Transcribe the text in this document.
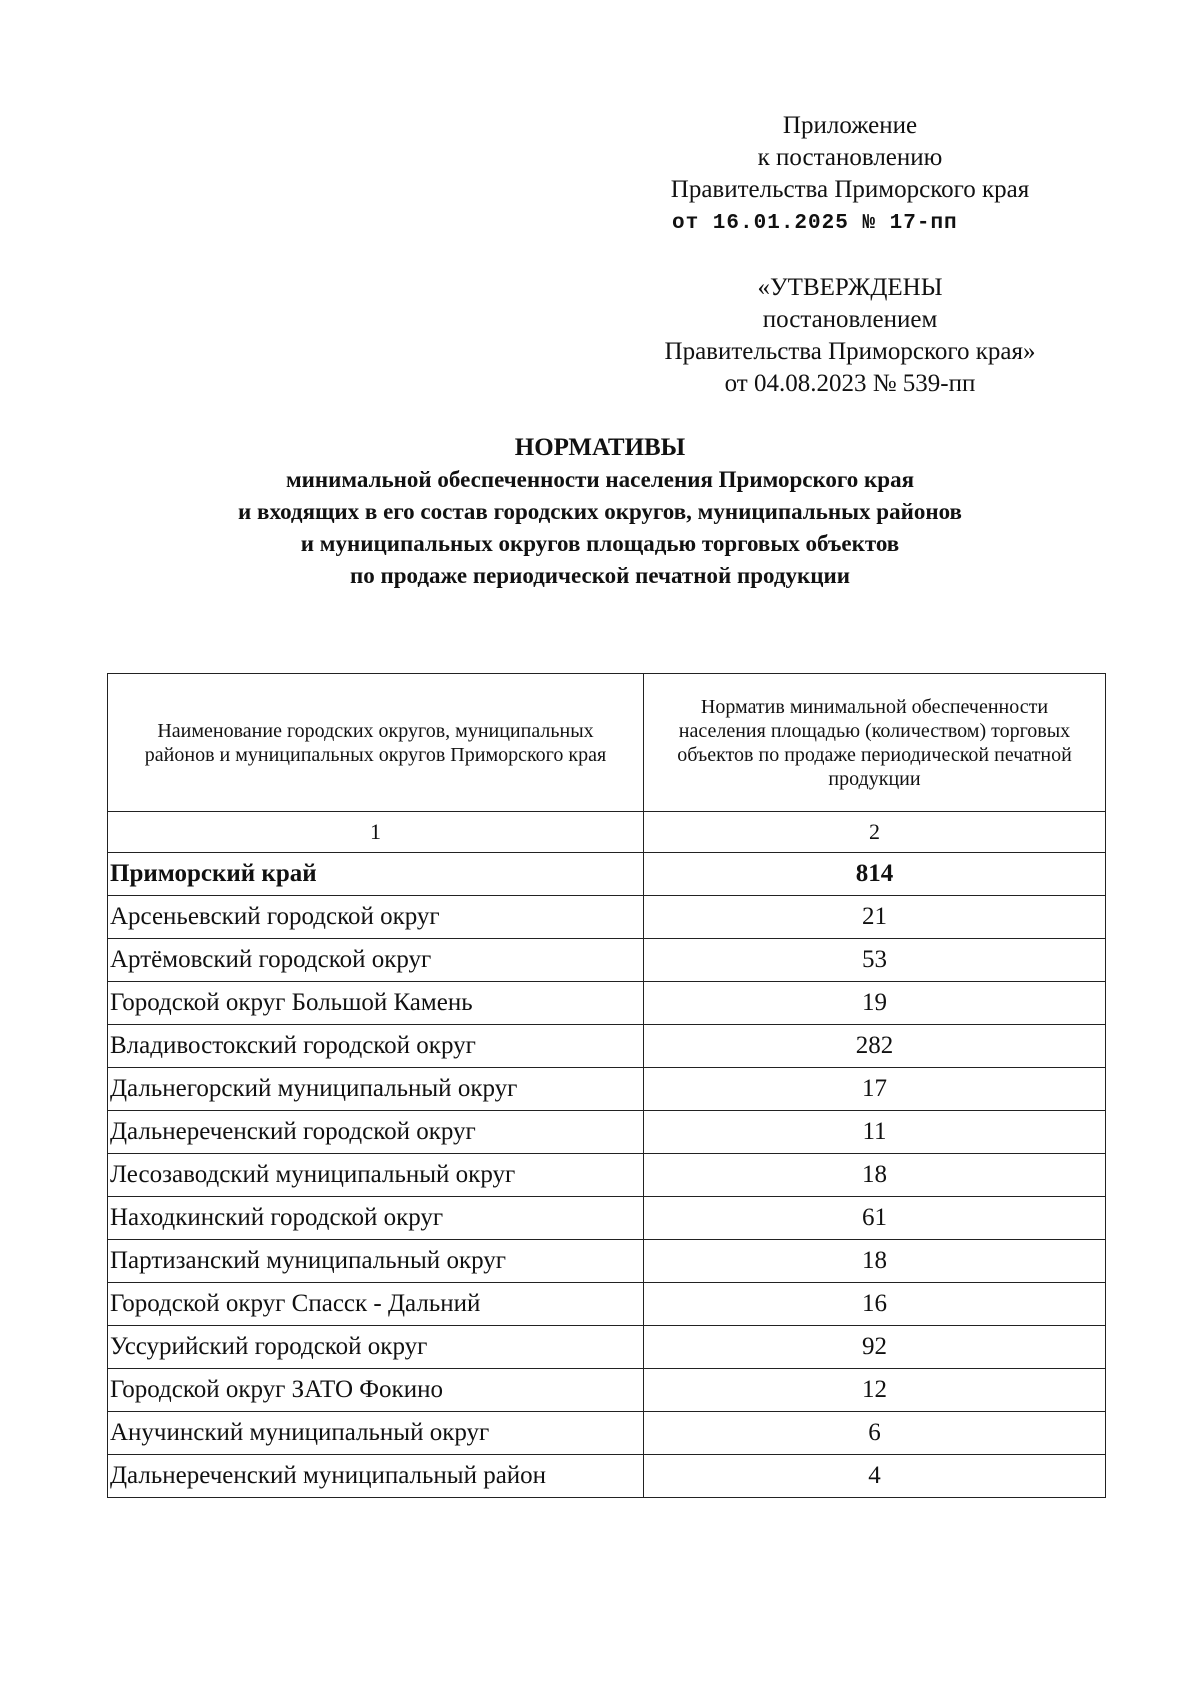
Приложение
к постановлению
Правительства Приморского края
от 16.01.2025 № 17-пп
«УТВЕРЖДЕНЫ
постановлением
Правительства Приморского края»
от 04.08.2023 № 539-пп
НОРМАТИВЫ
минимальной обеспеченности населения Приморского края
и входящих в его состав городских округов, муниципальных районов
и муниципальных округов площадью торговых объектов
по продаже периодической печатной продукции
Наименование городских округов, муниципальных районов и муниципальных округов Приморского края	Норматив минимальной обеспеченности населения площадью (количеством) торговых объектов по продаже периодической печатной продукции
1	2
Приморский край	814
Арсеньевский городской округ	21
Артёмовский городской округ	53
Городской округ Большой Камень	19
Владивостокский городской округ	282
Дальнегорский муниципальный округ	17
Дальнереченский городской округ	11
Лесозаводский муниципальный округ	18
Находкинский городской округ	61
Партизанский муниципальный округ	18
Городской округ Спасск - Дальний	16
Уссурийский городской округ	92
Городской округ ЗАТО Фокино	12
Анучинский муниципальный округ	6
Дальнереченский муниципальный район	4
